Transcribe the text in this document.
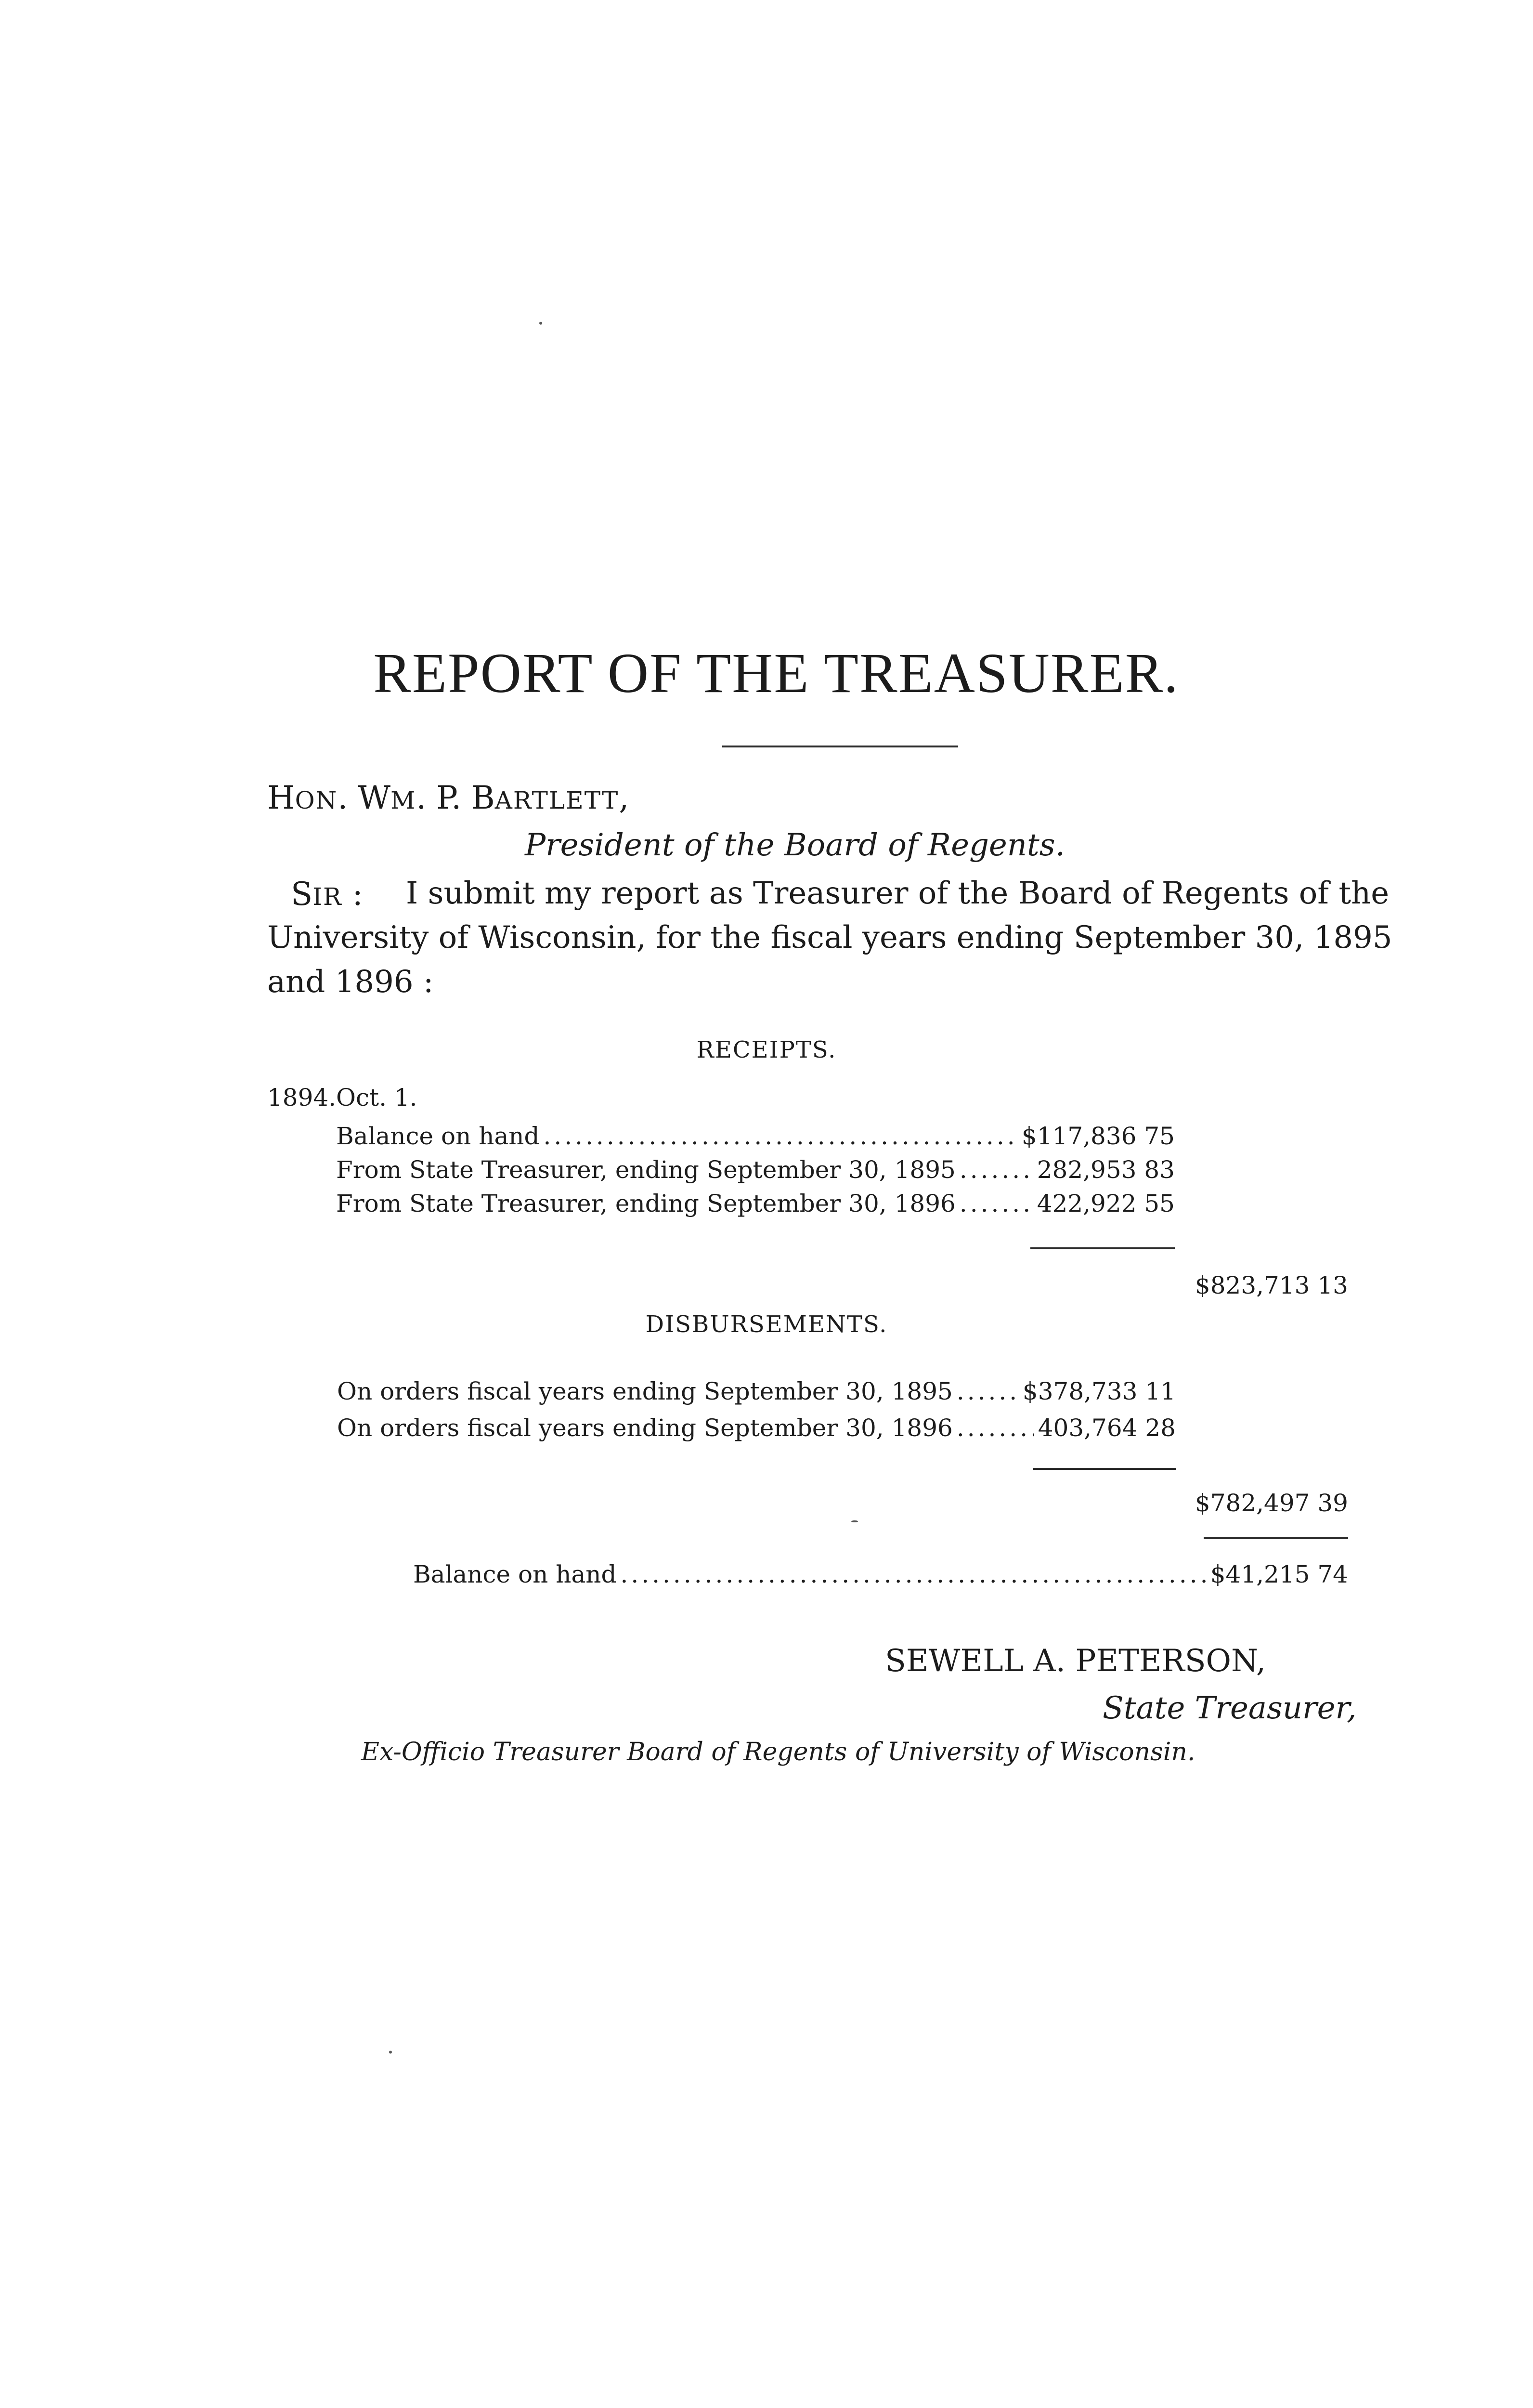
REPORT OF THE TREASURER.
HON. WM. P. BARTLETT,
President of the Board of Regents.
SIR : I submit my report as Treasurer of the Board of Regents of the
University of Wisconsin, for the fiscal years ending September 30, 1895
and 1896 :
RECEIPTS.
1894. Oct. 1.
Balance on hand .....	$117,836 75
From State Treasurer, ending September 30, 1895 .....	282,953 83
From State Treasurer, ending September 30, 1896 .....	422,922 55
$823,713 13
DISBURSEMENTS.
On orders fiscal years ending September 30, 1895 .....	$378,733 11
On orders fiscal years ending September 30, 1896 .....	403,764 28
$782,497 39
Balance on hand .....	$41,215 74
SEWELL A. PETERSON,
State Treasurer,
Ex-Officio Treasurer Board of Regents of University of Wisconsin.
